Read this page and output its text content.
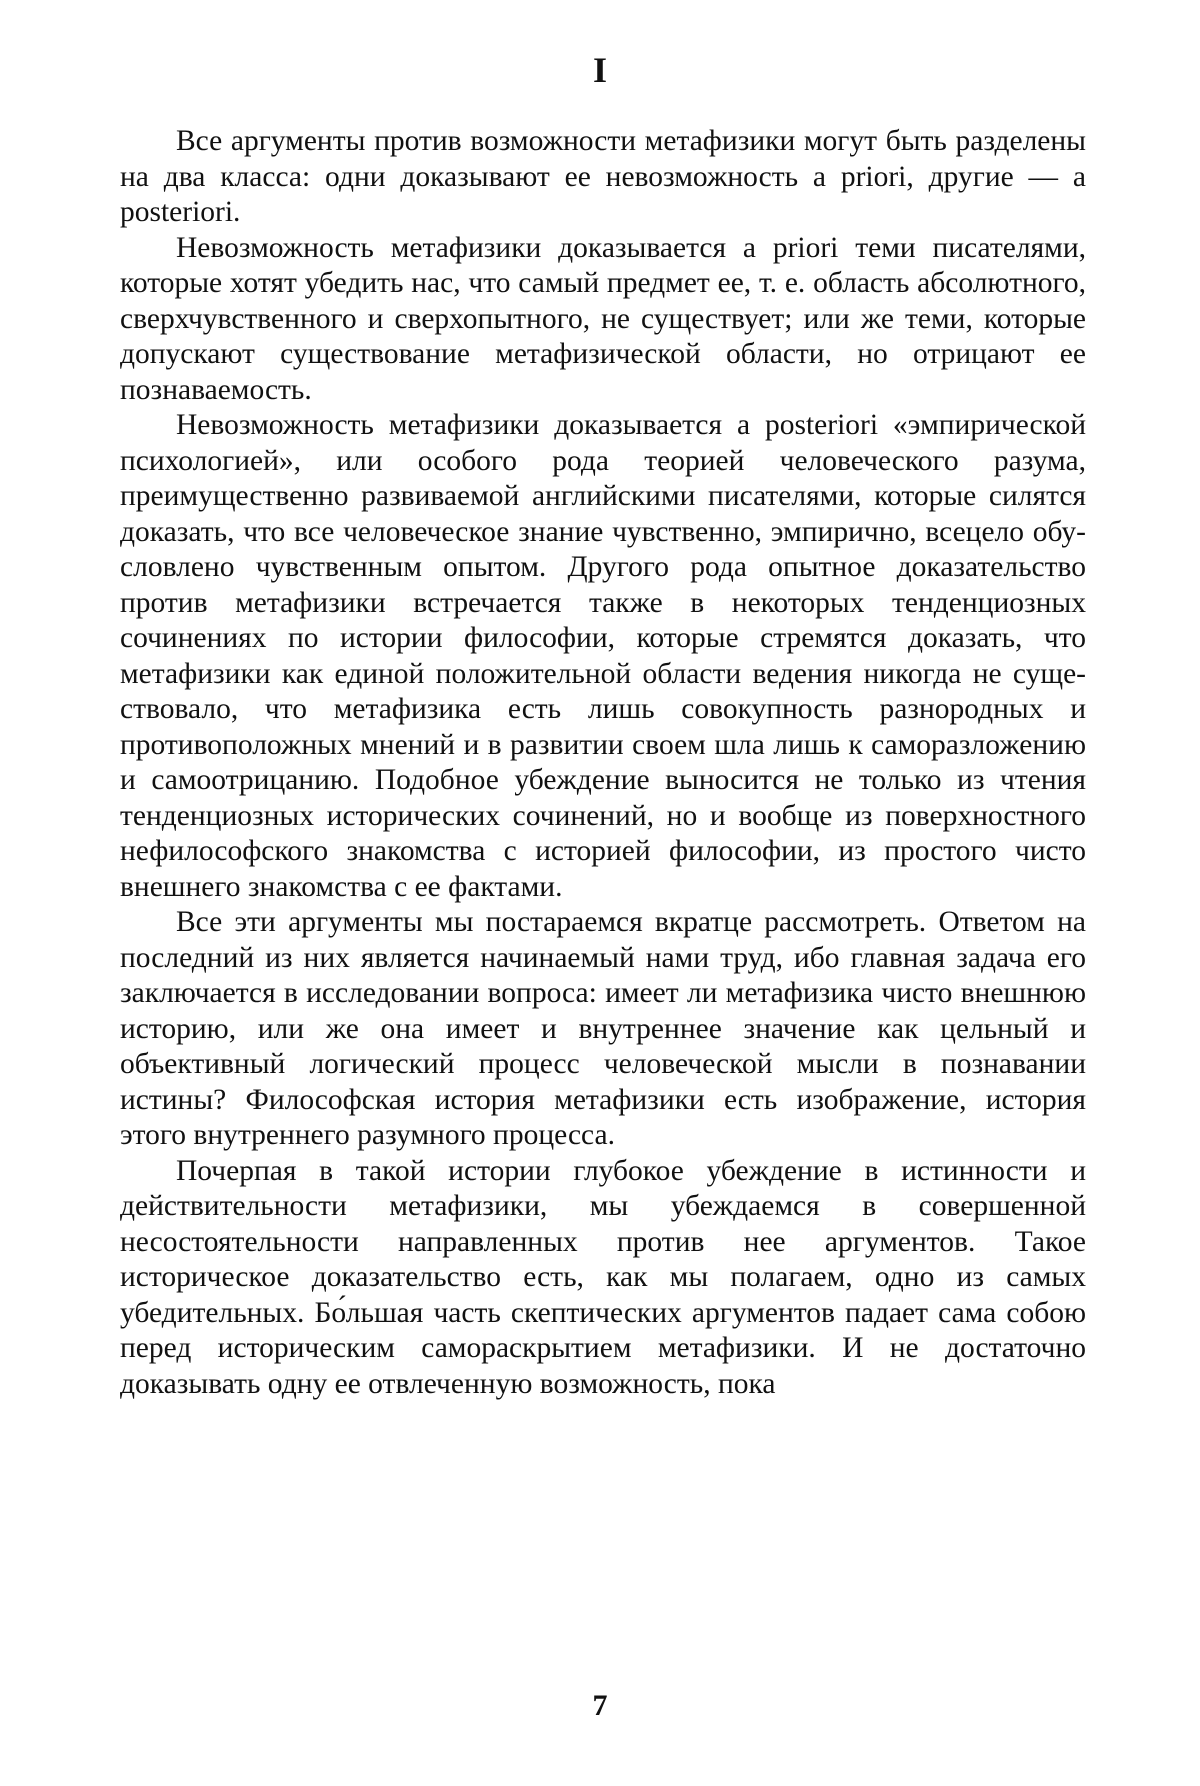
I

Все аргументы против возможности метафизики могут быть разделены на два класса: одни доказывают ее невозможность a priori, другие — a posteriori.

Невозможность метафизики доказывается a priori теми писателями, которые хотят убедить нас, что самый предмет ее, т. е. область абсолютного, сверхчувственного и сверхопытного, не существует; или же теми, которые допускают существование метафизической области, но отрицают ее познаваемость.

Невозможность метафизики доказывается a posteriori «эмпирической психологией», или особого рода теорией человеческого разума, преимущественно развиваемой английскими писателями, которые силятся доказать, что все человеческое знание чувственно, эмпирично, всецело обусловлено чувственным опытом. Другого рода опытное доказательство против метафизики встречается также в некоторых тенденциозных сочинениях по истории философии, которые стремятся доказать, что метафизики как единой положительной области ведения никогда не существовало, что метафизика есть лишь совокупность разнородных и противоположных мнений и в развитии своем шла лишь к саморазложению и самоотрицанию. Подобное убеждение выносится не только из чтения тенденциозных исторических сочинений, но и вообще из поверхностного нефилософского знакомства с историей философии, из простого чисто внешнего знакомства с ее фактами.

Все эти аргументы мы постараемся вкратце рассмотреть. Ответом на последний из них является начинаемый нами труд, ибо главная задача его заключается в исследовании вопроса: имеет ли метафизика чисто внешнюю историю, или же она имеет и внутреннее значение как цельный и объективный логический процесс человеческой мысли в познавании истины? Философская история метафизики есть изображение, история этого внутреннего разумного процесса.

Почерпая в такой истории глубокое убеждение в истинности и действительности метафизики, мы убеждаемся в совершенной несостоятельности направленных против нее аргументов. Такое историческое доказательство есть, как мы полагаем, одно из самых убедительных. Бо́льшая часть скептических аргументов падает сама собою перед историческим самораскрытием метафизики. И не достаточно доказывать одну ее отвлеченную возможность, пока

7
